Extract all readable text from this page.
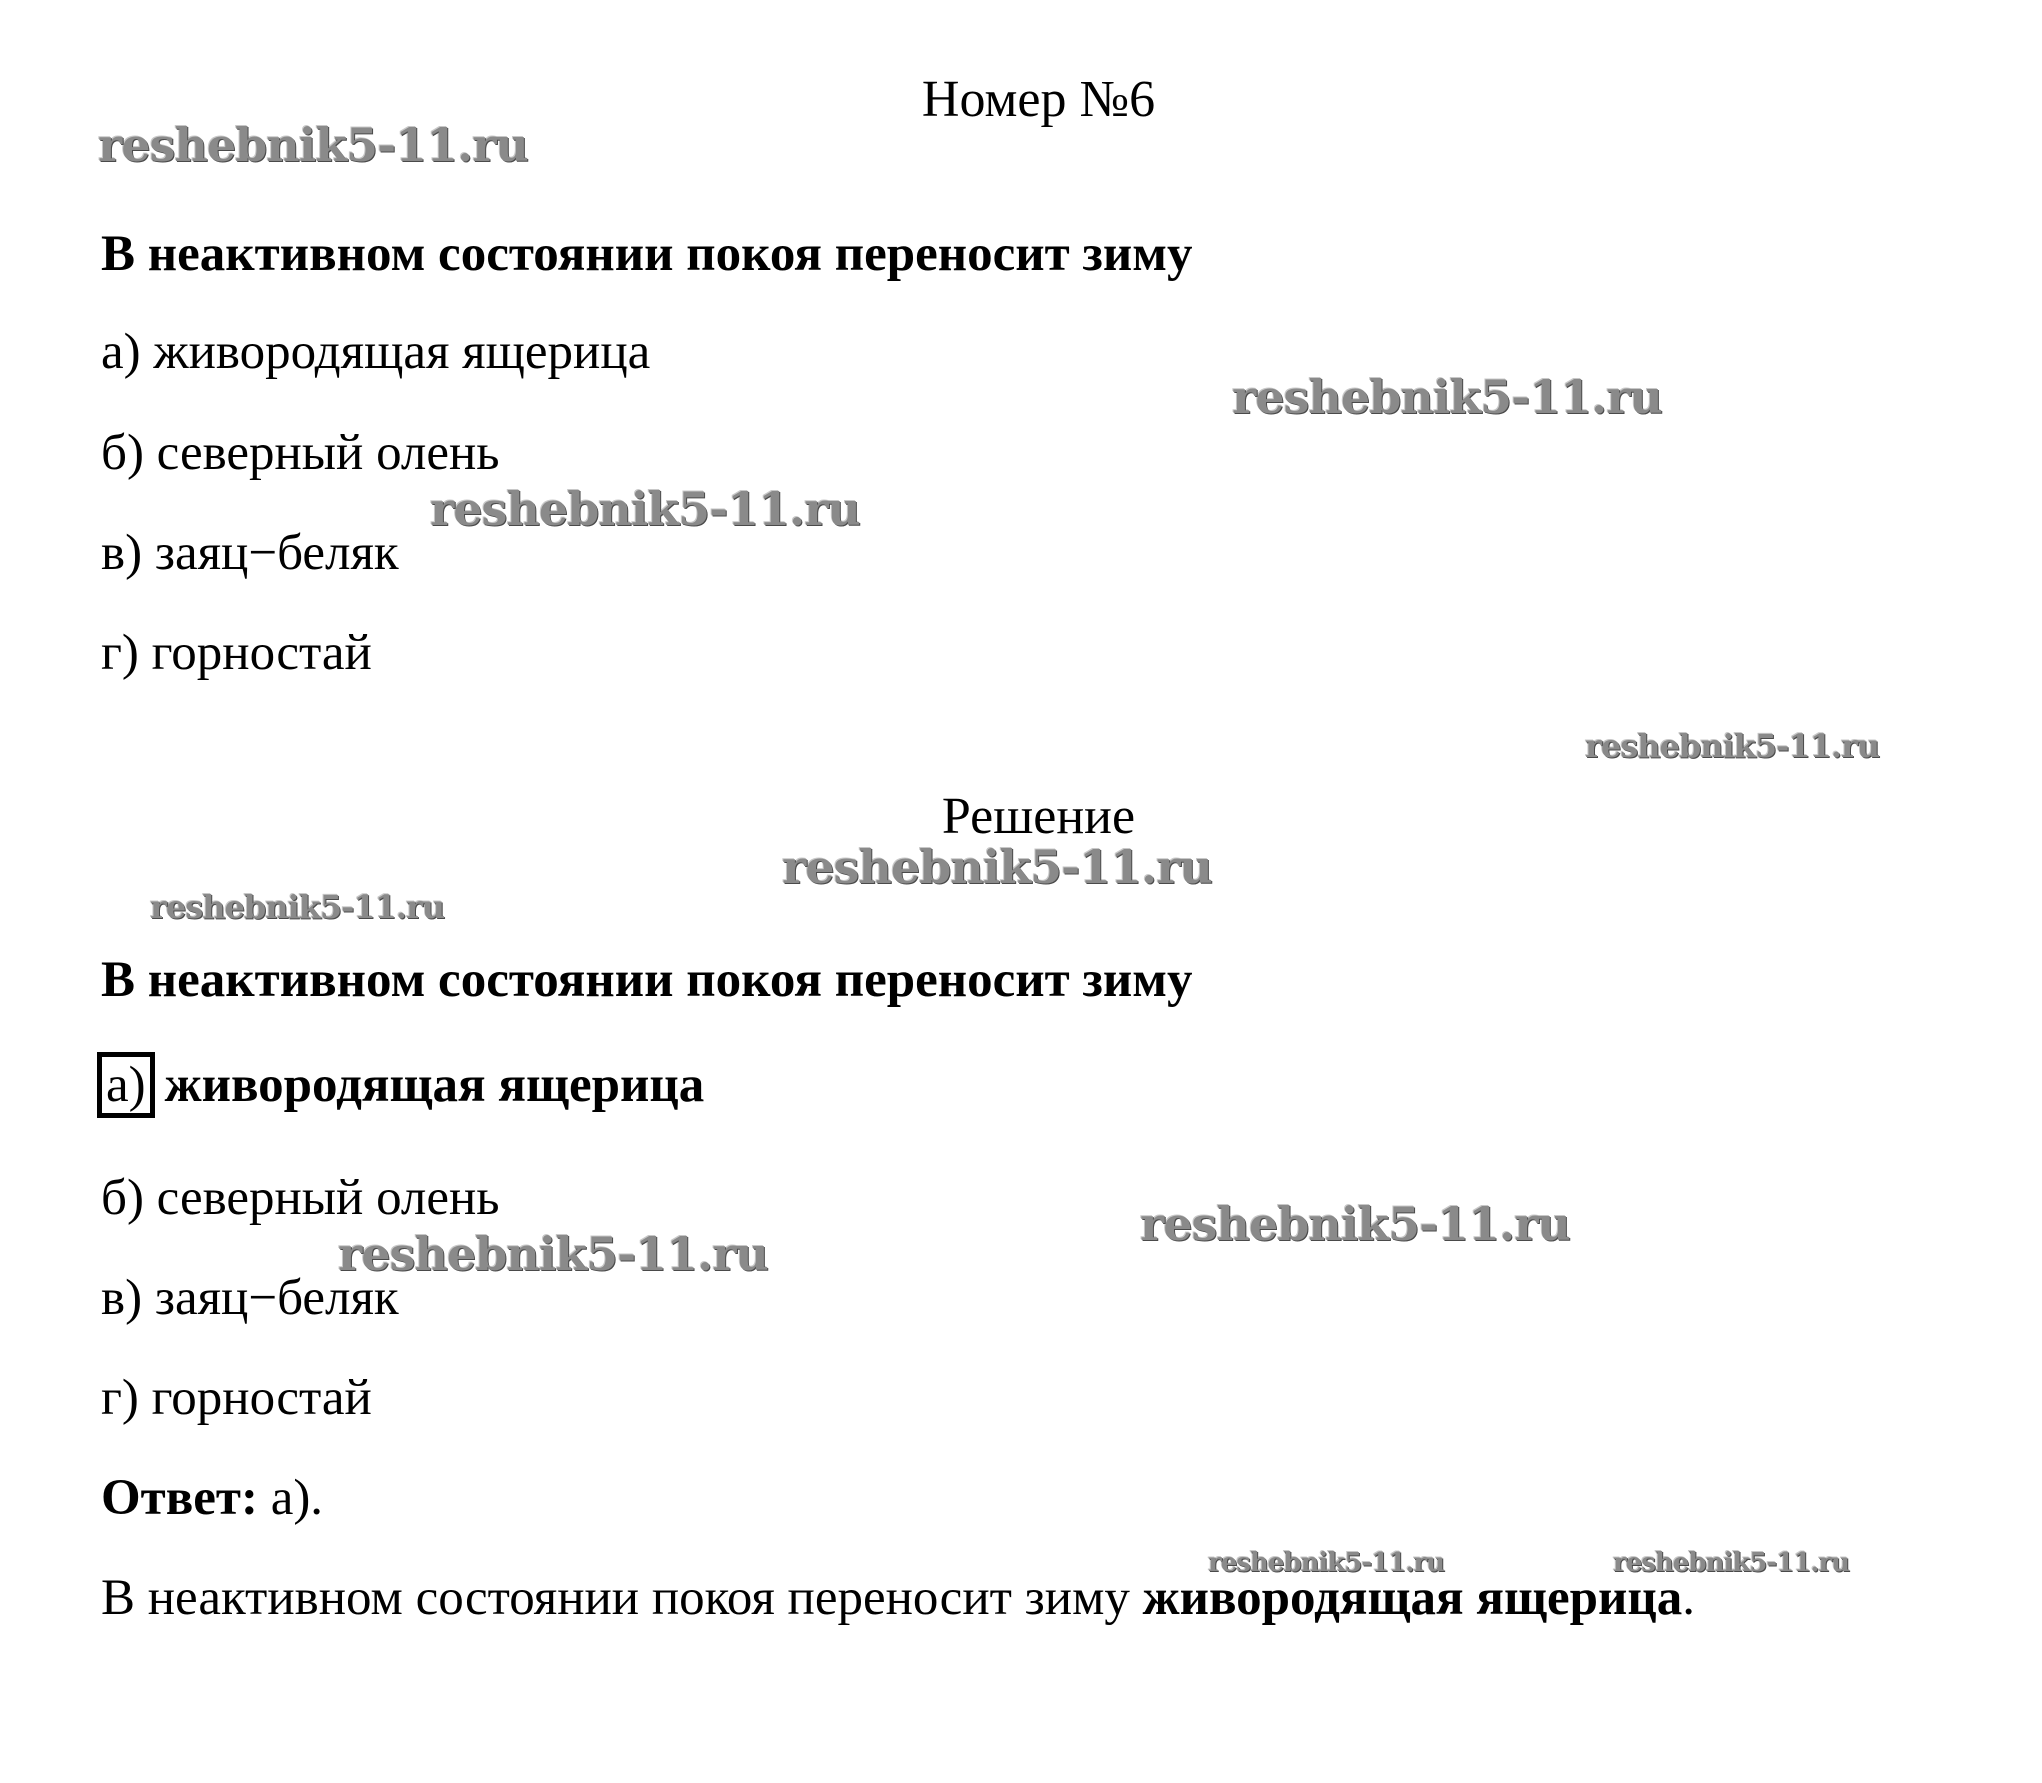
Номер №6
В неактивном состоянии покоя переносит зиму
а) живородящая ящерица
б) северный олень
в) заяц−беляк
г) горностай
Решение
В неактивном состоянии покоя переносит зиму
а) живородящая ящерица
б) северный олень
в) заяц−беляк
г) горностай
Ответ: а).
В неактивном состоянии покоя переносит зиму живородящая ящерица.
reshebnik5-11.ru
reshebnik5-11.ru
reshebnik5-11.ru
reshebnik5-11.ru
reshebnik5-11.ru
reshebnik5-11.ru
reshebnik5-11.ru
reshebnik5-11.ru
reshebnik5-11.ru	reshebnik5-11.ru
